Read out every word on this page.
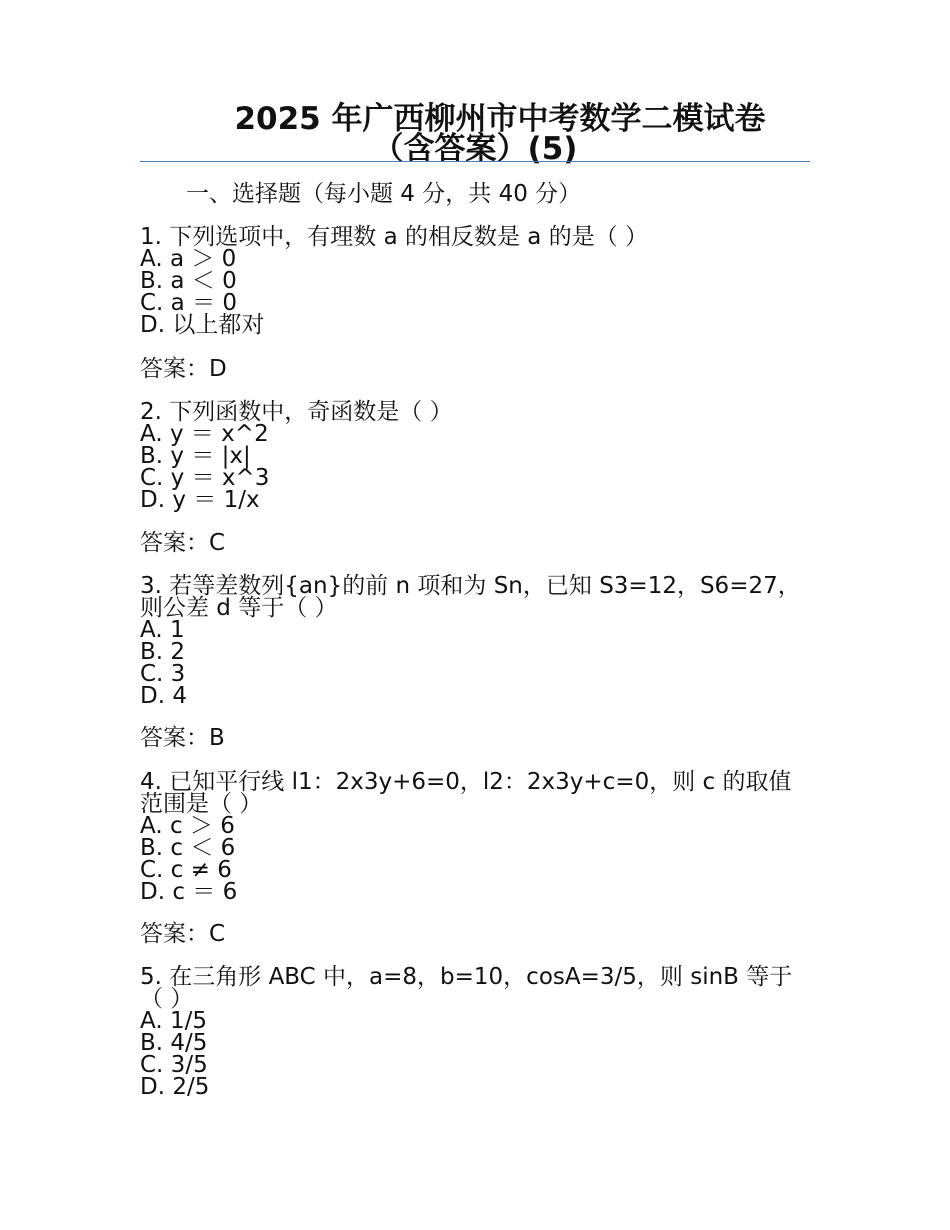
2025 年广西柳州市中考数学二模试卷
（含答案）(5)
一、选择题（每小题 4 分，共 40 分）
1. 下列选项中，有理数 a 的相反数是 a 的是（ ）
A. a ＞ 0
B. a ＜ 0
C. a ＝ 0
D. 以上都对
答案：D
2. 下列函数中，奇函数是（ ）
A. y ＝ x^2
B. y ＝ |x|
C. y ＝ x^3
D. y ＝ 1/x
答案：C
3. 若等差数列{an}的前 n 项和为 Sn，已知 S3=12，S6=27，
则公差 d 等于（ ）
A. 1
B. 2
C. 3
D. 4
答案：B
4. 已知平行线 l1：2x3y+6=0，l2：2x3y+c=0，则 c 的取值
范围是（ ）
A. c ＞ 6
B. c ＜ 6
C. c ≠ 6
D. c ＝ 6
答案：C
5. 在三角形 ABC 中，a=8，b=10，cosA=3/5，则 sinB 等于
（ ）
A. 1/5
B. 4/5
C. 3/5
D. 2/5
